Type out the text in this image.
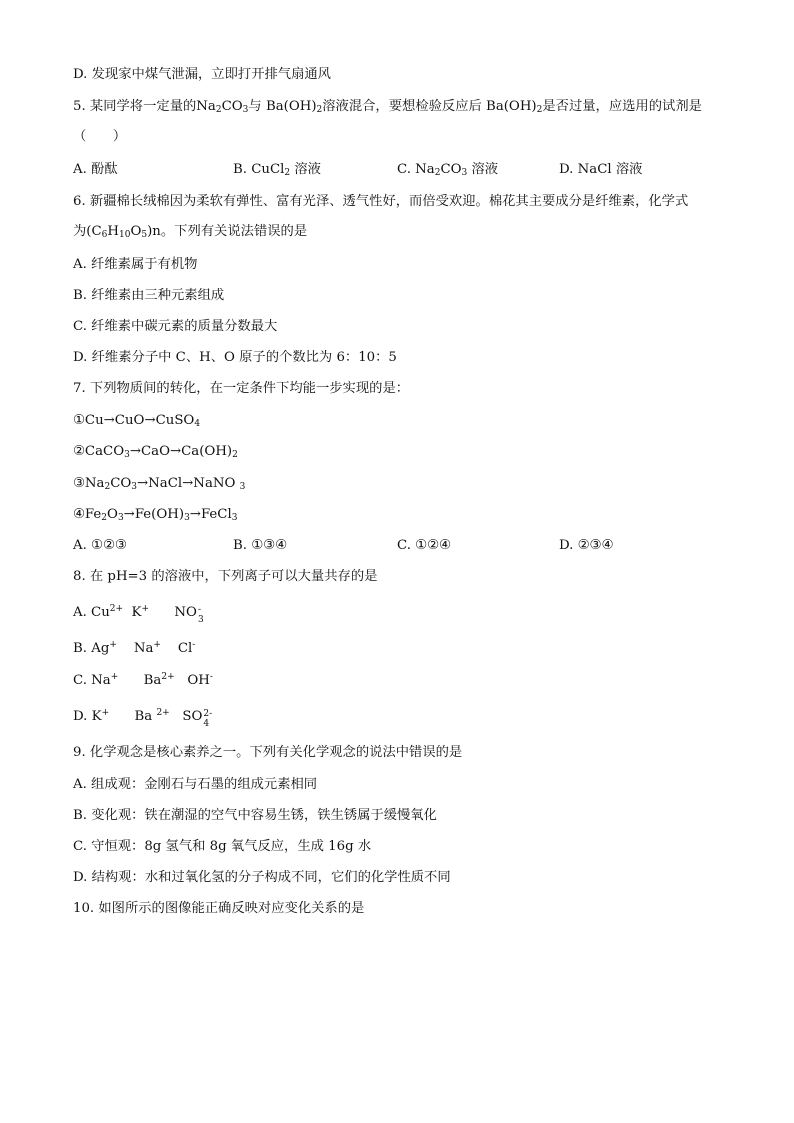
D. 发现家中煤气泄漏，立即打开排气扇通风
5. 某同学将一定量的$Na_2CO_3$与 $Ba(OH)_2$溶液混合，要想检验反应后 $Ba(OH)_2$是否过量，应选用的试剂是
（　　）
A. 酚酞	B. CuCl$_2$ 溶液	C. $Na_2CO_3$ 溶液	D. NaCl 溶液
6. 新疆棉长绒棉因为柔软有弹性、富有光泽、透气性好，而倍受欢迎。棉花其主要成分是纤维素，化学式
为$(C_6H_{10}O_5)n$。下列有关说法错误的是
A. 纤维素属于有机物
B. 纤维素由三种元素组成
C. 纤维素中碳元素的质量分数最大
D. 纤维素分子中 C、H、O 原子的个数比为 6：10：5
7. 下列物质间的转化，在一定条件下均能一步实现的是：
①Cu→CuO→CuSO$_4$
$②CaCO_3\to CaO\to Ca(OH)_2$
$③Na_2CO_3\to NaCl\to NaNO$ $_3$
$④Fe_2O_3\to Fe(OH)_3\to FeCl_3$
A. ①②③	B. ①③④	C. ①②④	D. ②③④
8. 在 pH=3 的溶液中，下列离子可以大量共存的是
A. $Cu^{2+}$ K+ NO -
3
B. Ag+ Na+ Cl-
C. Na+ $Ba^{2+}$ OH-
D. K+ Ba $^{2+}$ SO 2-
4
9. 化学观念是核心素养之一。下列有关化学观念的说法中错误的是
A. 组成观：金刚石与石墨的组成元素相同
B. 变化观：铁在潮湿的空气中容易生锈，铁生锈属于缓慢氧化
C. 守恒观：8g 氢气和 8g 氧气反应，生成 16g 水
D. 结构观：水和过氧化氢的分子构成不同，它们的化学性质不同
10. 如图所示的图像能正确反映对应变化关系的是
